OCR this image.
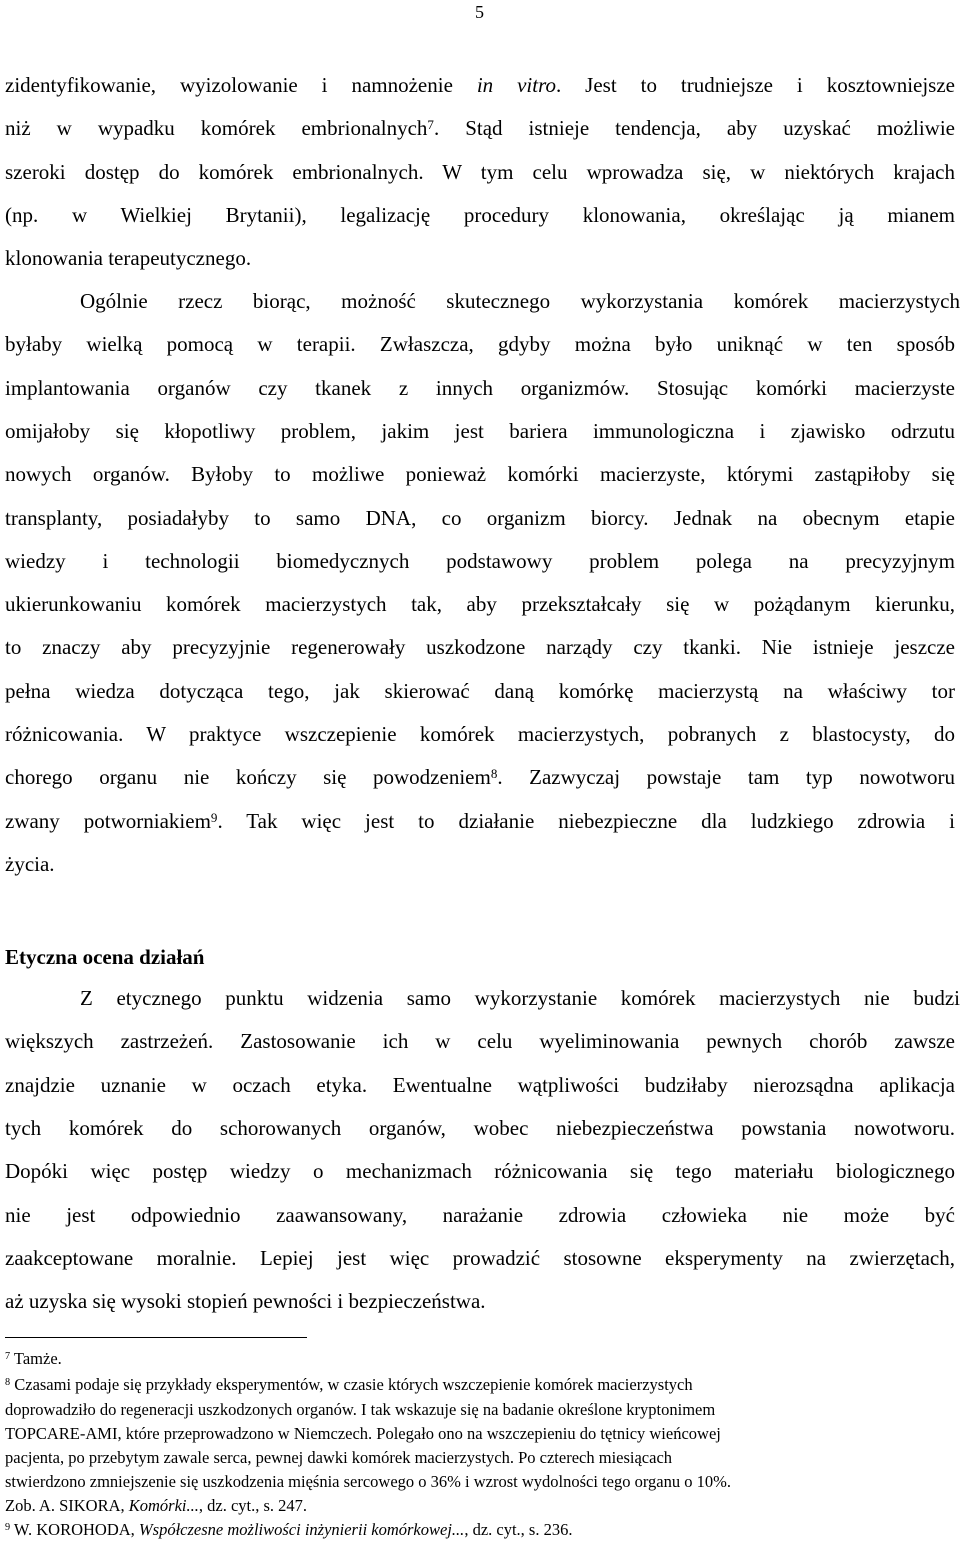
5
zidentyfikowanie, wyizolowanie i namnożenie in vitro. Jest to trudniejsze i kosztowniejsze
niż w wypadku komórek embrionalnych$^7$. Stąd istnieje tendencja, aby uzyskać możliwie
szeroki dostęp do komórek embrionalnych. W tym celu wprowadza się, w niektórych krajach
(np. w Wielkiej Brytanii), legalizację procedury klonowania, określając ją mianem
klonowania terapeutycznego.
Ogólnie rzecz biorąc, możność skutecznego wykorzystania komórek macierzystych
byłaby wielką pomocą w terapii. Zwłaszcza, gdyby można było uniknąć w ten sposób
implantowania organów czy tkanek z innych organizmów. Stosując komórki macierzyste
omijałoby się kłopotliwy problem, jakim jest bariera immunologiczna i zjawisko odrzutu
nowych organów. Byłoby to możliwe ponieważ komórki macierzyste, którymi zastąpiłoby się
transplanty, posiadałyby to samo DNA, co organizm biorcy. Jednak na obecnym etapie
wiedzy i technologii biomedycznych podstawowy problem polega na precyzyjnym
ukierunkowaniu komórek macierzystych tak, aby przekształcały się w pożądanym kierunku,
to znaczy aby precyzyjnie regenerowały uszkodzone narządy czy tkanki. Nie istnieje jeszcze
pełna wiedza dotycząca tego, jak skierować daną komórkę macierzystą na właściwy tor
różnicowania. W praktyce wszczepienie komórek macierzystych, pobranych z blastocysty, do
chorego organu nie kończy się powodzeniem$^8$. Zazwyczaj powstaje tam typ nowotworu
zwany potworniakiem$^9$. Tak więc jest to działanie niebezpieczne dla ludzkiego zdrowia i
życia.
Z etycznego punktu widzenia samo wykorzystanie komórek macierzystych nie budzi
większych zastrzeżeń. Zastosowanie ich w celu wyeliminowania pewnych chorób zawsze
znajdzie uznanie w oczach etyka. Ewentualne wątpliwości budziłaby nierozsądna aplikacja
tych komórek do schorowanych organów, wobec niebezpieczeństwa powstania nowotworu.
Dopóki więc postęp wiedzy o mechanizmach różnicowania się tego materiału biologicznego
nie jest odpowiednio zaawansowany, narażanie zdrowia człowieka nie może być
zaakceptowane moralnie. Lepiej jest więc prowadzić stosowne eksperymenty na zwierzętach,
aż uzyska się wysoki stopień pewności i bezpieczeństwa.
Etyczna ocena działań
$^7$ Tamże.
$^8$ Czasami podaje się przykłady eksperymentów, w czasie których wszczepienie komórek macierzystych
doprowadziło do regeneracji uszkodzonych organów. I tak wskazuje się na badanie określone kryptonimem
TOPCARE-AMI, które przeprowadzono w Niemczech. Polegało ono na wszczepieniu do tętnicy wieńcowej
pacjenta, po przebytym zawale serca, pewnej dawki komórek macierzystych. Po czterech miesiącach
stwierdzono zmniejszenie się uszkodzenia mięśnia sercowego o 36% i wzrost wydolności tego organu o 10%.
Zob. A. SIKORA, Komórki..., dz. cyt., s. 247.
$^9$ W. KOROHODA, Współczesne możliwości inżynierii komórkowej..., dz. cyt., s. 236.
